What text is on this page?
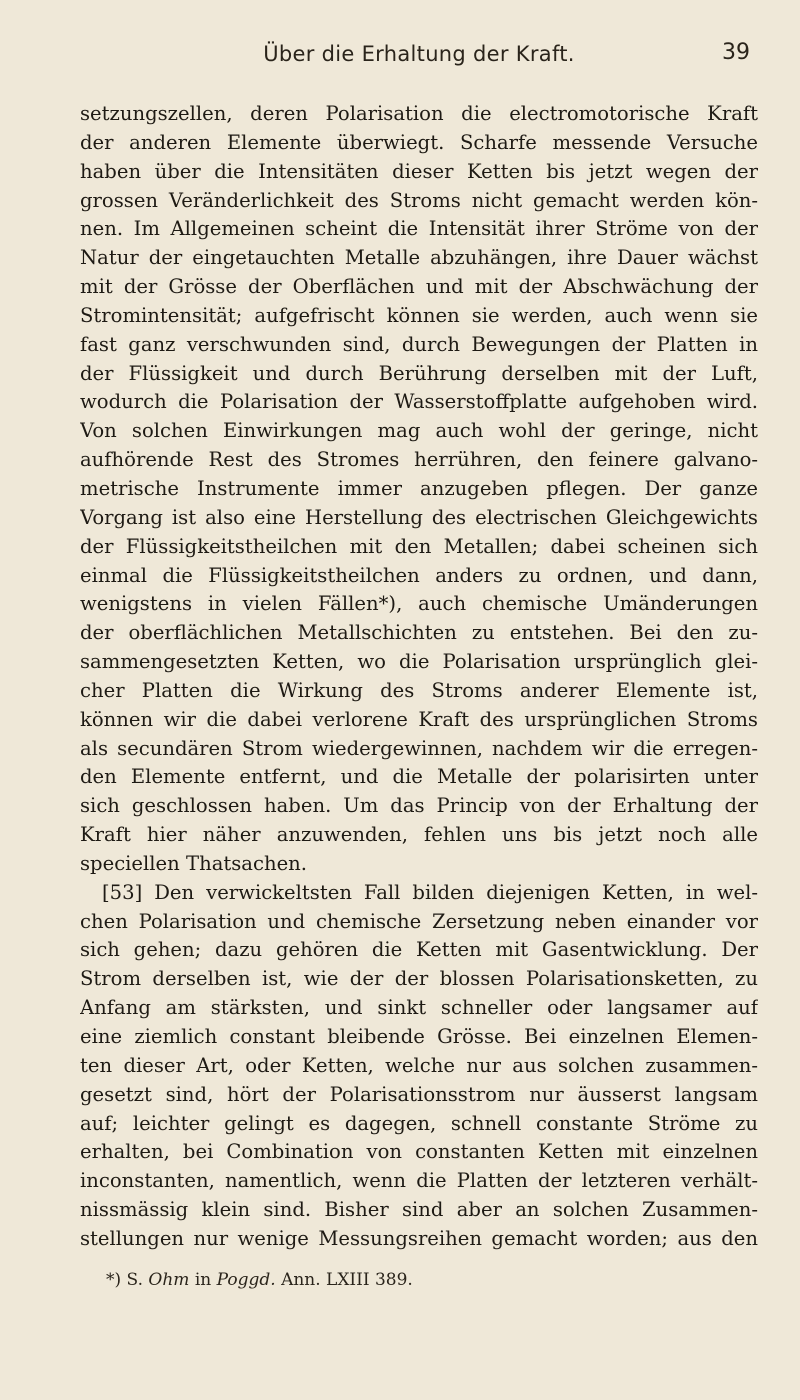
Über die Erhaltung der Kraft.	39
setzungszellen, deren Polarisation die electromotorische Kraft
der anderen Elemente überwiegt. Scharfe messende Versuche
haben über die Intensitäten dieser Ketten bis jetzt wegen der
grossen Veränderlichkeit des Stroms nicht gemacht werden kön-
nen. Im Allgemeinen scheint die Intensität ihrer Ströme von der
Natur der eingetauchten Metalle abzuhängen, ihre Dauer wächst
mit der Grösse der Oberflächen und mit der Abschwächung der
Stromintensität; aufgefrischt können sie werden, auch wenn sie
fast ganz verschwunden sind, durch Bewegungen der Platten in
der Flüssigkeit und durch Berührung derselben mit der Luft,
wodurch die Polarisation der Wasserstoffplatte aufgehoben wird.
Von solchen Einwirkungen mag auch wohl der geringe, nicht
aufhörende Rest des Stromes herrühren, den feinere galvano-
metrische Instrumente immer anzugeben pflegen. Der ganze
Vorgang ist also eine Herstellung des electrischen Gleichgewichts
der Flüssigkeitstheilchen mit den Metallen; dabei scheinen sich
einmal die Flüssigkeitstheilchen anders zu ordnen, und dann,
wenigstens in vielen Fällen*), auch chemische Umänderungen
der oberflächlichen Metallschichten zu entstehen. Bei den zu-
sammengesetzten Ketten, wo die Polarisation ursprünglich glei-
cher Platten die Wirkung des Stroms anderer Elemente ist,
können wir die dabei verlorene Kraft des ursprünglichen Stroms
als secundären Strom wiedergewinnen, nachdem wir die erregen-
den Elemente entfernt, und die Metalle der polarisirten unter
sich geschlossen haben. Um das Princip von der Erhaltung der
Kraft hier näher anzuwenden, fehlen uns bis jetzt noch alle
speciellen Thatsachen.
[53] Den verwickeltsten Fall bilden diejenigen Ketten, in wel-
chen Polarisation und chemische Zersetzung neben einander vor
sich gehen; dazu gehören die Ketten mit Gasentwicklung. Der
Strom derselben ist, wie der der blossen Polarisationsketten, zu
Anfang am stärksten, und sinkt schneller oder langsamer auf
eine ziemlich constant bleibende Grösse. Bei einzelnen Elemen-
ten dieser Art, oder Ketten, welche nur aus solchen zusammen-
gesetzt sind, hört der Polarisationsstrom nur äusserst langsam
auf; leichter gelingt es dagegen, schnell constante Ströme zu
erhalten, bei Combination von constanten Ketten mit einzelnen
inconstanten, namentlich, wenn die Platten der letzteren verhält-
nissmässig klein sind. Bisher sind aber an solchen Zusammen-
stellungen nur wenige Messungsreihen gemacht worden; aus den
*) S. Ohm in Poggd. Ann. LXIII 389.
